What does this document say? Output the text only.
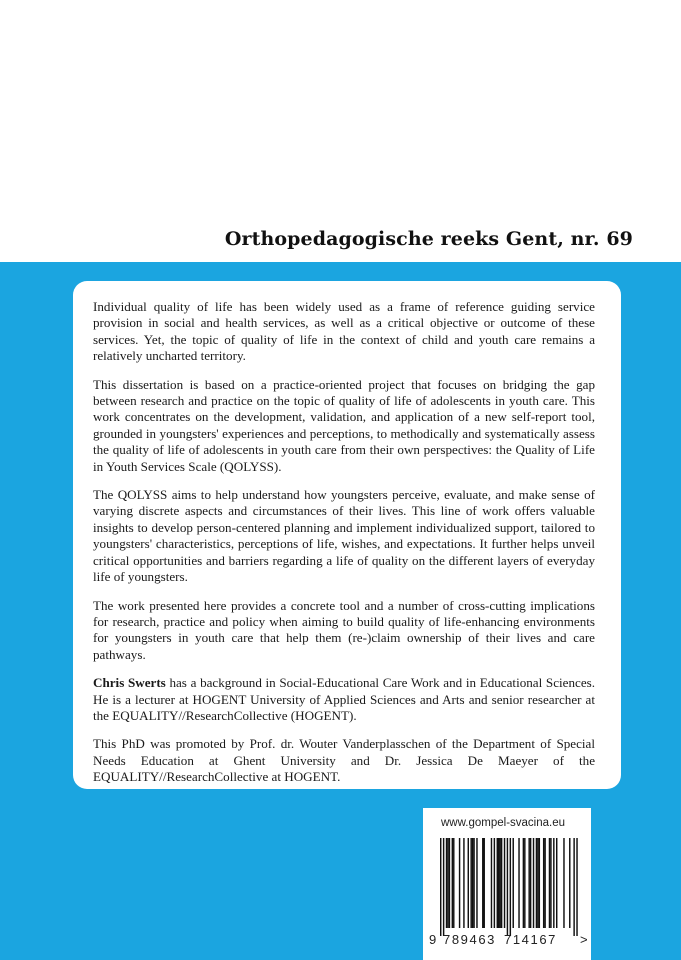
Orthopedagogische reeks Gent, nr. 69

Individual quality of life has been widely used as a frame of reference guiding service provision in social and health services, as well as a critical objective or outcome of these services. Yet, the topic of quality of life in the context of child and youth care remains a relatively uncharted territory.

This dissertation is based on a practice-oriented project that focuses on bridging the gap between research and practice on the topic of quality of life of adolescents in youth care. This work concentrates on the development, validation, and application of a new self-report tool, grounded in youngsters' experiences and perceptions, to methodically and systematically assess the quality of life of adolescents in youth care from their own perspectives: the Quality of Life in Youth Services Scale (QOLYSS).

The QOLYSS aims to help understand how youngsters perceive, evaluate, and make sense of varying discrete aspects and circumstances of their lives. This line of work offers valuable insights to develop person-centered planning and implement individualized support, tailored to youngsters' characteristics, perceptions of life, wishes, and expectations. It further helps unveil critical opportunities and barriers regarding a life of quality on the different layers of everyday life of youngsters.

The work presented here provides a concrete tool and a number of cross-cutting implications for research, practice and policy when aiming to build quality of life-enhancing environments for youngsters in youth care that help them (re-)claim ownership of their lives and care pathways.

Chris Swerts has a background in Social-Educational Care Work and in Educational Sciences. He is a lecturer at HOGENT University of Applied Sciences and Arts and senior researcher at the EQUALITY//ResearchCollective (HOGENT).

This PhD was promoted by Prof. dr. Wouter Vanderplasschen of the Department of Special Needs Education at Ghent University and Dr. Jessica De Maeyer of the EQUALITY//ResearchCollective at HOGENT.

www.gompel-svacina.eu
9 789463 714167 >
